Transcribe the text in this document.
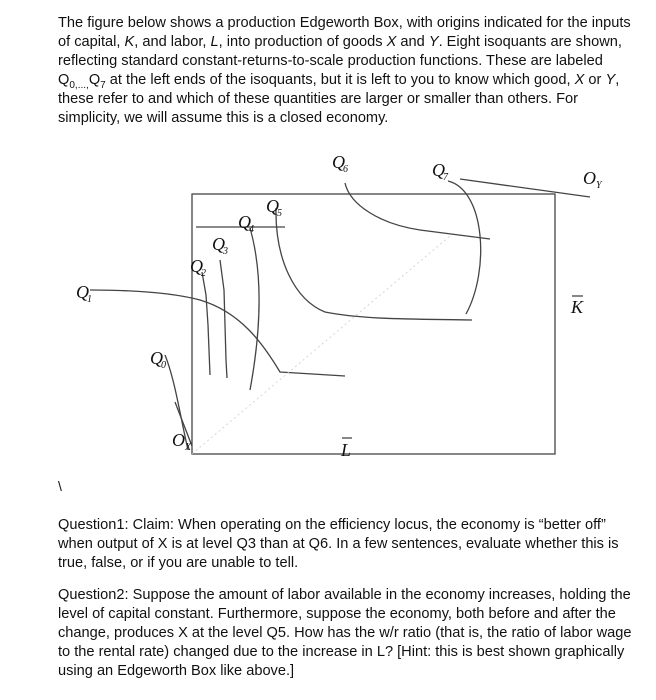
The figure below shows a production Edgeworth Box, with origins indicated for the inputs of capital, K, and labor, L, into production of goods X and Y. Eight isoquants are shown, reflecting standard constant-returns-to-scale production functions. These are labeled $Q_{0,...,}Q_7$ at the left ends of the isoquants, but it is left to you to know which good, X or Y, these refer to and which of these quantities are larger or smaller than others. For simplicity, we will assume this is a closed economy.

Q
0
Q
1
Q
2
Q
3
Q
4
Q
5
Q
6	Q
7	O Y
O X
K
L

\

Question1: Claim: When operating on the efficiency locus, the economy is “better off” when output of X is at level Q3 than at Q6. In a few sentences, evaluate whether this is true, false, or if you are unable to tell.

Question2: Suppose the amount of labor available in the economy increases, holding the level of capital constant. Furthermore, suppose the economy, both before and after the change, produces X at the level Q5. How has the w/r ratio (that is, the ratio of labor wage to the rental rate) changed due to the increase in L? [Hint: this is best shown graphically using an Edgeworth Box like above.]
